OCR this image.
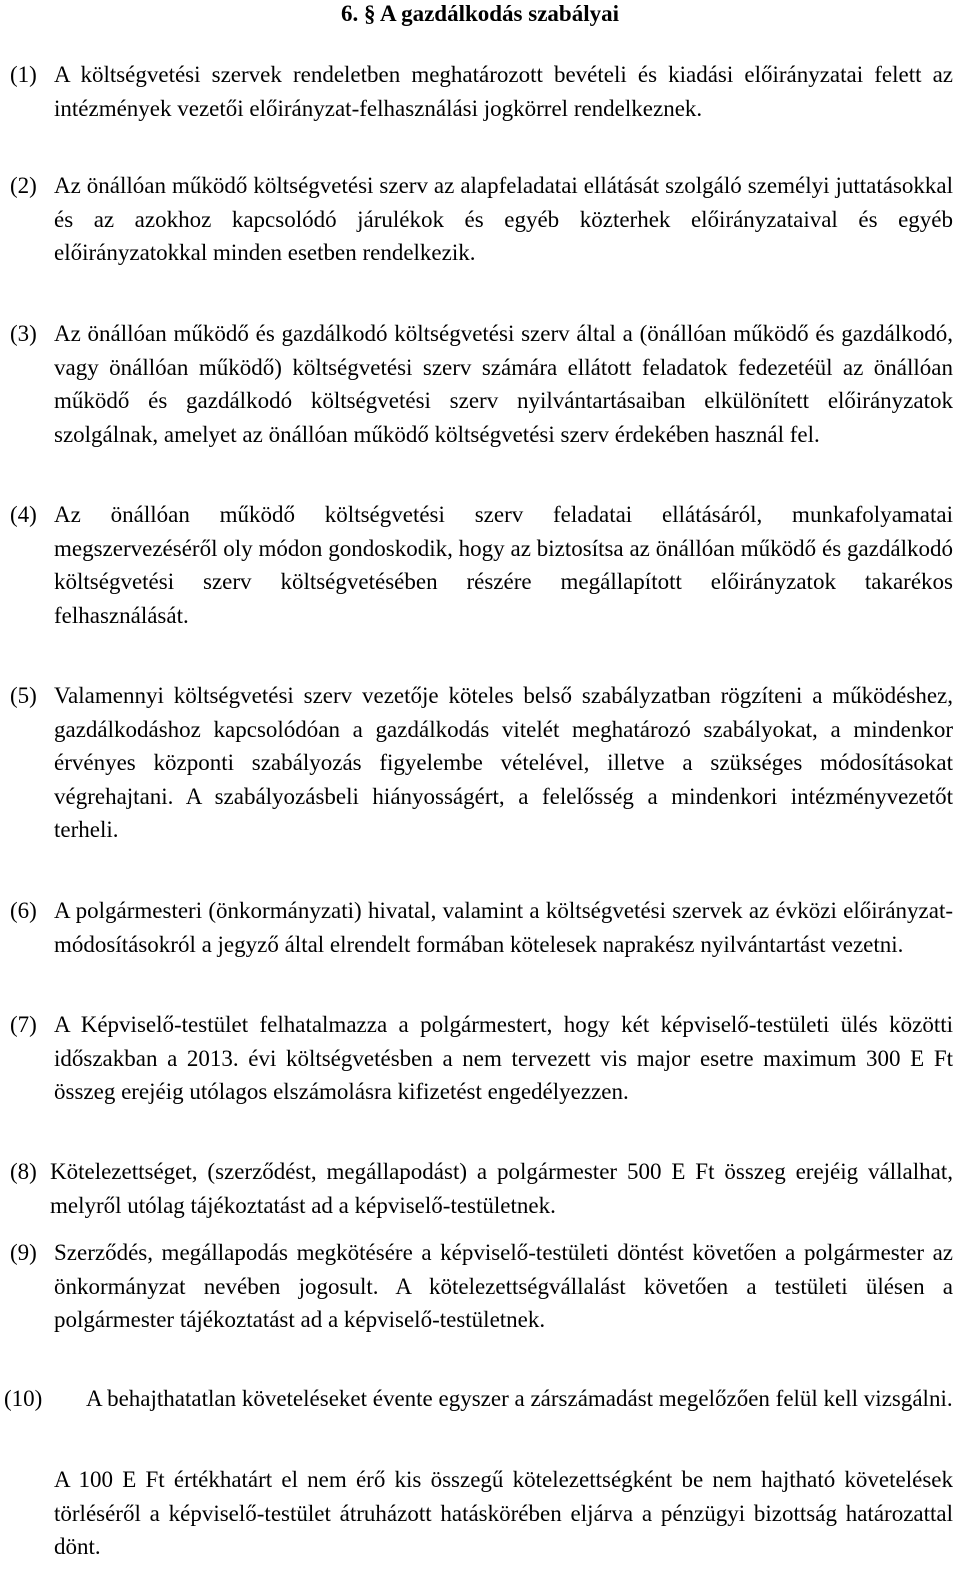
6. § A gazdálkodás szabályai
(1) A költségvetési szervek rendeletben meghatározott bevételi és kiadási előirányzatai felett az intézmények vezetői előirányzat-felhasználási jogkörrel rendelkeznek.
(2) Az önállóan működő költségvetési szerv az alapfeladatai ellátását szolgáló személyi juttatásokkal és az azokhoz kapcsolódó járulékok és egyéb közterhek előirányzataival és egyéb előirányzatokkal minden esetben rendelkezik.
(3) Az önállóan működő és gazdálkodó költségvetési szerv által a (önállóan működő és gazdálkodó, vagy önállóan működő) költségvetési szerv számára ellátott feladatok fedezetéül az önállóan működő és gazdálkodó költségvetési szerv nyilvántartásaiban elkülönített előirányzatok szolgálnak, amelyet az önállóan működő költségvetési szerv érdekében használ fel.
(4) Az önállóan működő költségvetési szerv feladatai ellátásáról, munkafolyamatai megszervezéséről oly módon gondoskodik, hogy az biztosítsa az önállóan működő és gazdálkodó költségvetési szerv költségvetésében részére megállapított előirányzatok takarékos felhasználását.
(5) Valamennyi költségvetési szerv vezetője köteles belső szabályzatban rögzíteni a működéshez, gazdálkodáshoz kapcsolódóan a gazdálkodás vitelét meghatározó szabályokat, a mindenkor érvényes központi szabályozás figyelembe vételével, illetve a szükséges módosításokat végrehajtani. A szabályozásbeli hiányosságért, a felelősség a mindenkori intézményvezetőt terheli.
(6) A polgármesteri (önkormányzati) hivatal, valamint a költségvetési szervek az évközi előirányzat-módosításokról a jegyző által elrendelt formában kötelesek naprakész nyilvántartást vezetni.
(7) A Képviselő-testület felhatalmazza a polgármestert, hogy két képviselő-testületi ülés közötti időszakban a 2013. évi költségvetésben a nem tervezett vis major esetre maximum 300 E Ft összeg erejéig utólagos elszámolásra kifizetést engedélyezzen.
(8) Kötelezettséget, (szerződést, megállapodást) a polgármester 500 E Ft összeg erejéig vállalhat, melyről utólag tájékoztatást ad a képviselő-testületnek.
(9) Szerződés, megállapodás megkötésére a képviselő-testületi döntést követően a polgármester az önkormányzat nevében jogosult. A kötelezettségvállalást követően a testületi ülésen a polgármester tájékoztatást ad a képviselő-testületnek.
(10)	A behajthatatlan követeléseket évente egyszer a zárszámadást megelőzően felül kell vizsgálni.
A 100 E Ft értékhatárt el nem érő kis összegű kötelezettségként be nem hajtható követelések törléséről a képviselő-testület átruházott hatáskörében eljárva a pénzügyi bizottság határozattal dönt.
